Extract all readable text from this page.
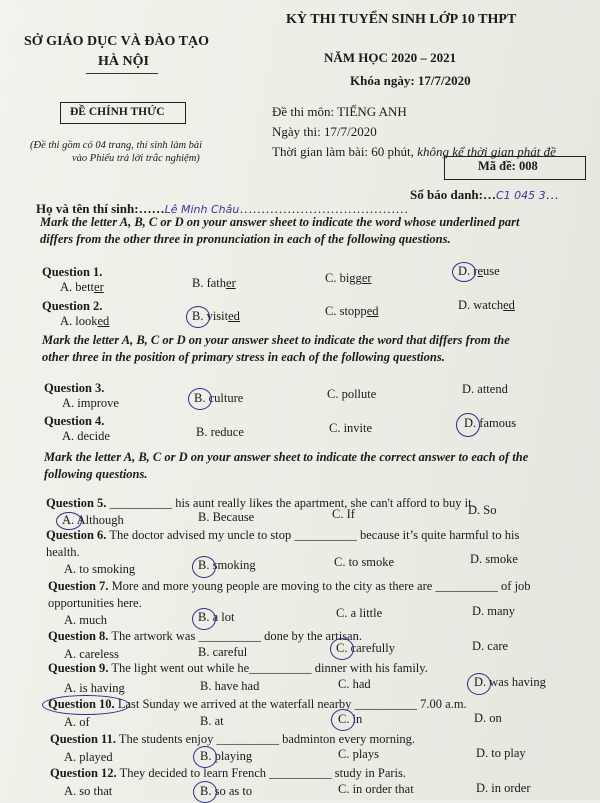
SỞ GIÁO DỤC VÀ ĐÀO TẠO
HÀ NỘI
KỲ THI TUYỂN SINH LỚP 10 THPT
NĂM HỌC 2020 – 2021
Khóa ngày: 17/7/2020
ĐỀ CHÍNH THỨC
(Đề thi gồm có 04 trang, thí sinh làm bài
vào Phiếu trả lời trắc nghiệm)
Đề thi môn: TIẾNG ANH
Ngày thi: 17/7/2020
Thời gian làm bài: 60 phút, không kể thời gian phát đề
Mã đề: 008
Họ và tên thí sinh:……Lê Minh Châu…………………………………
Số báo danh:…C1 045 3…
Mark the letter A, B, C or D on your answer sheet to indicate the word whose underlined part
differs from the other three in pronunciation in each of the following questions.
Question 1.
A. better	B. father	C. bigger	D. reuse
Question 2.
A. looked	B. visited	C. stopped	D. watched
Mark the letter A, B, C or D on your answer sheet to indicate the word that differs from the
other three in the position of primary stress in each of the following questions.
Question 3.
A. improve	B. culture	C. pollute	D. attend
Question 4.
A. decide	B. reduce	C. invite	D. famous
Mark the letter A, B, C or D on your answer sheet to indicate the correct answer to each of the
following questions.
Question 5. __________ his aunt really likes the apartment, she can't afford to buy it.
A. Although	B. Because	C. If	D. So
Question 6. The doctor advised my uncle to stop __________ because it’s quite harmful to his
health.
A. to smoking	B. smoking	C. to smoke	D. smoke
Question 7. More and more young people are moving to the city as there are __________ of job
opportunities here.
A. much	B. a lot	C. a little	D. many
Question 8. The artwork was __________ done by the artisan.
A. careless	B. careful	C. carefully	D. care
Question 9. The light went out while he__________ dinner with his family.
A. is having	B. have had	C. had	D. was having
Question 10. Last Sunday we arrived at the waterfall nearby __________ 7.00 a.m.
A. of	B. at	C. in	D. on
Question 11. The students enjoy __________ badminton every morning.
A. played	B. playing	C. plays	D. to play
Question 12. They decided to learn French __________ study in Paris.
A. so that	B. so as to	C. in order that	D. in order
